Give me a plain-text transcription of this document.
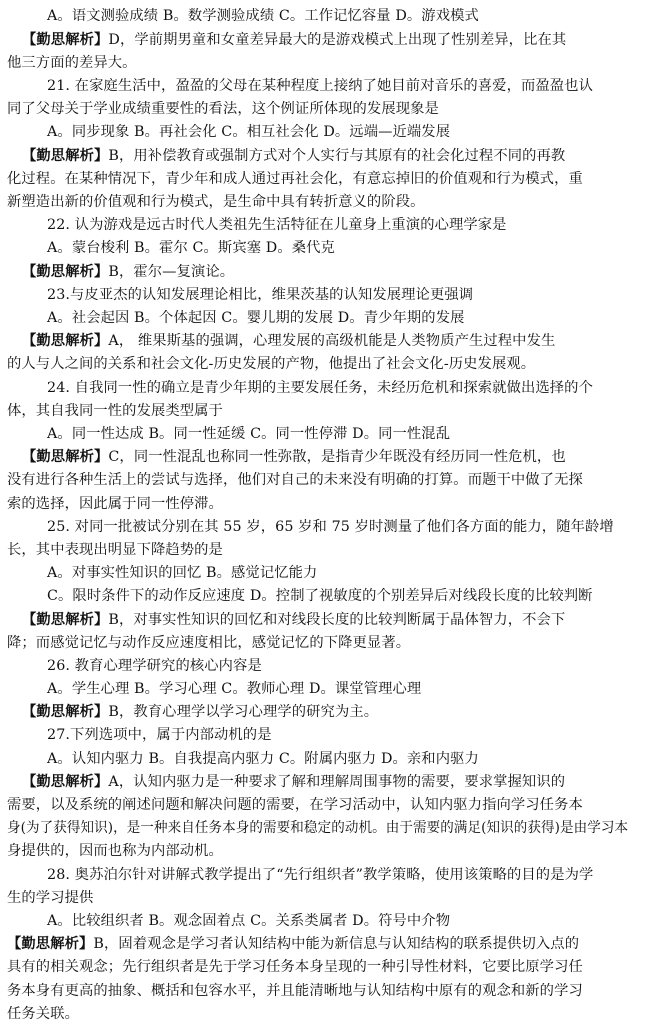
A。语文测验成绩 B。数学测验成绩 C。工作记忆容量 D。游戏模式
【勤思解析】D，学前期男童和女童差异最大的是游戏模式上出现了性别差异，比在其
他三方面的差异大。
21. 在家庭生活中，盈盈的父母在某种程度上接纳了她目前对音乐的喜爱，而盈盈也认
同了父母关于学业成绩重要性的看法，这个例证所体现的发展现象是
A。同步现象 B。再社会化 C。相互社会化 D。远端—近端发展
【勤思解析】B，用补偿教育或强制方式对个人实行与其原有的社会化过程不同的再教
化过程。在某种情况下，青少年和成人通过再社会化，有意忘掉旧的价值观和行为模式，重
新塑造出新的价值观和行为模式，是生命中具有转折意义的阶段。
22. 认为游戏是远古时代人类祖先生活特征在儿童身上重演的心理学家是
A。蒙台梭利 B。霍尔 C。斯宾塞 D。桑代克
【勤思解析】B，霍尔—复演论。
23.与皮亚杰的认知发展理论相比，维果茨基的认知发展理论更强调
A。社会起因 B。个体起因 C。婴儿期的发展 D。青少年期的发展
【勤思解析】A， 维果斯基的强调，心理发展的高级机能是人类物质产生过程中发生
的人与人之间的关系和社会文化-历史发展的产物，他提出了社会文化-历史发展观。
24. 自我同一性的确立是青少年期的主要发展任务，未经历危机和探索就做出选择的个
体，其自我同一性的发展类型属于
A。同一性达成 B。同一性延缓 C。同一性停滞 D。同一性混乱
【勤思解析】C，同一性混乱也称同一性弥散，是指青少年既没有经历同一性危机，也
没有进行各种生活上的尝试与选择，他们对自己的未来没有明确的打算。而题干中做了无探
索的选择，因此属于同一性停滞。
25. 对同一批被试分别在其 55 岁，65 岁和 75 岁时测量了他们各方面的能力，随年龄增
长，其中表现出明显下降趋势的是
A。对事实性知识的回忆 B。感觉记忆能力
C。限时条件下的动作反应速度 D。控制了视敏度的个别差异后对线段长度的比较判断
【勤思解析】B，对事实性知识的回忆和对线段长度的比较判断属于晶体智力，不会下
降；而感觉记忆与动作反应速度相比，感觉记忆的下降更显著。
26. 教育心理学研究的核心内容是
A。学生心理 B。学习心理 C。教师心理 D。课堂管理心理
【勤思解析】B，教育心理学以学习心理学的研究为主。
27.下列选项中，属于内部动机的是
A。认知内驱力 B。自我提高内驱力 C。附属内驱力 D。亲和内驱力
【勤思解析】A，认知内驱力是一种要求了解和理解周围事物的需要，要求掌握知识的
需要，以及系统的阐述问题和解决问题的需要，在学习活动中，认知内驱力指向学习任务本
身(为了获得知识)，是一种来自任务本身的需要和稳定的动机。由于需要的满足(知识的获得)是由学习本
身提供的，因而也称为内部动机。
28. 奥苏泊尔针对讲解式教学提出了“先行组织者”教学策略，使用该策略的目的是为学
生的学习提供
A。比较组织者 B。观念固着点 C。关系类属者 D。符号中介物
【勤思解析】B，固着观念是学习者认知结构中能为新信息与认知结构的联系提供切入点的
具有的相关观念；先行组织者是先于学习任务本身呈现的一种引导性材料，它要比原学习任
务本身有更高的抽象、概括和包容水平，并且能清晰地与认知结构中原有的观念和新的学习
任务关联。
